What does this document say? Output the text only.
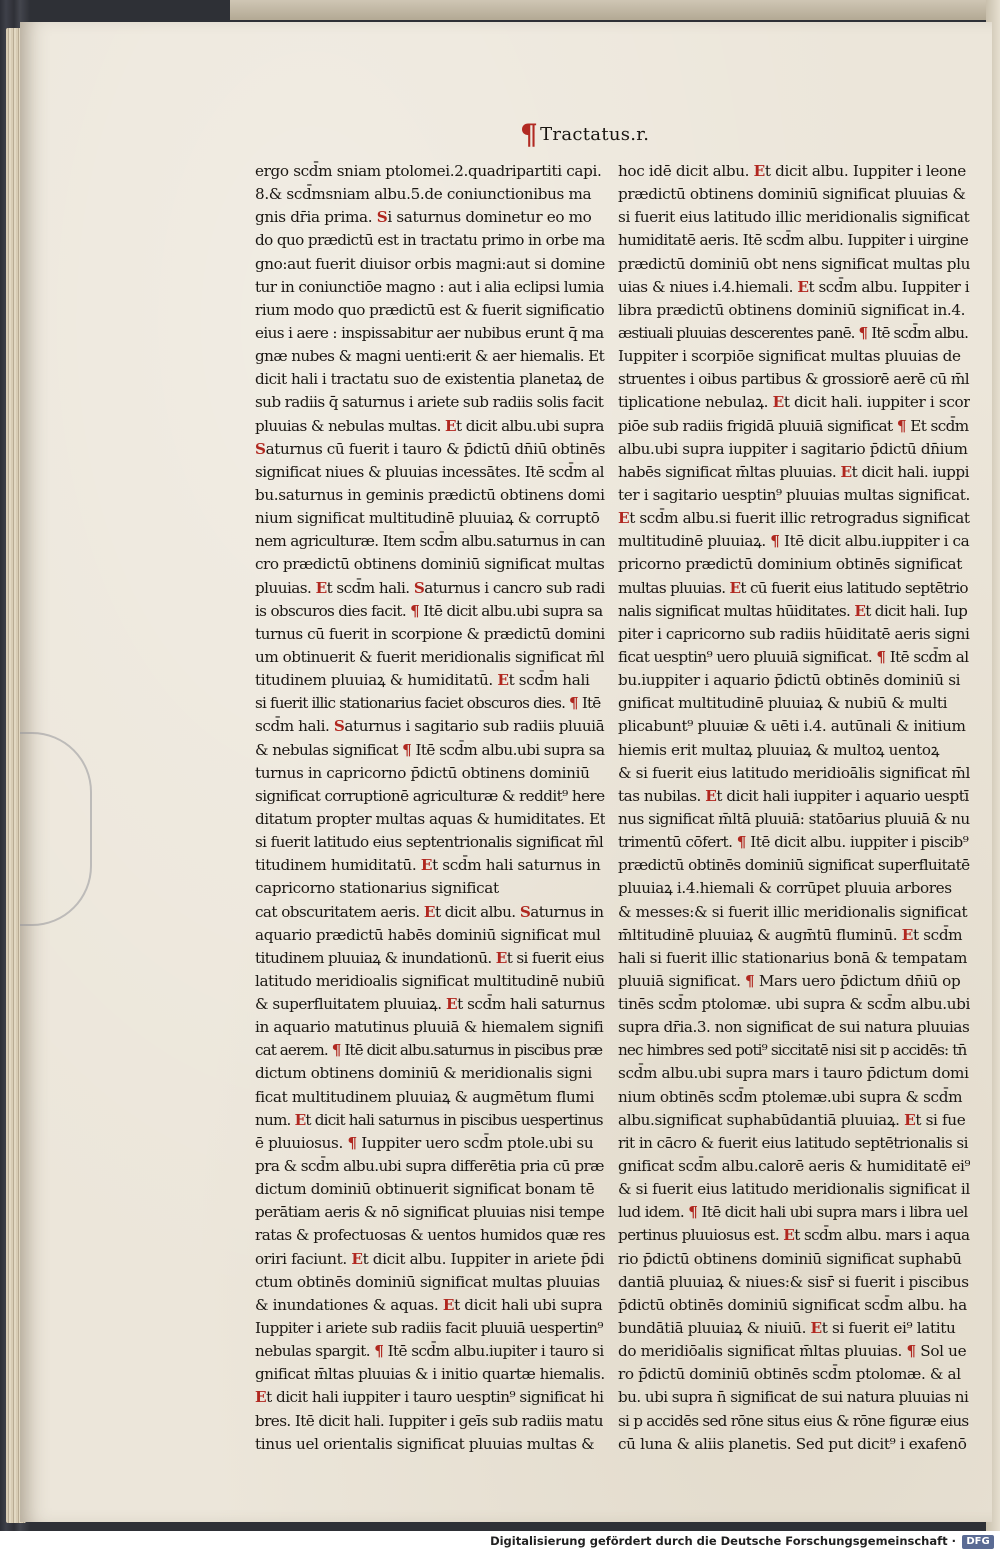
¶ Tractatus.r.
ergo scd̄m sniam ptolomei.2.quadripartiti capi.
8.& scd̄msniam albu.5.de coniunctionibus ma
gnis dr̄ia prima. Si saturnus dominetur eo mo
do quo prædictū est in tractatu primo in orbe ma
gno:aut fuerit diuisor orbis magni:aut si domine
tur in coniunctiōe magno : aut i alia eclipsi lumia
rium modo quo prædictū est & fuerit significatio
eius i aere : inspissabitur aer nubibus erunt q̄ ma
gnæ nubes & magni uenti:erit & aer hiemalis. Et
dicit hali i tractatu suo de existentia planetaꝝ de
sub radiis q̄ saturnus i ariete sub radiis solis facit
pluuias & nebulas multas. Et dicit albu.ubi supra
Saturnus cū fuerit i tauro & p̄dictū dn̄iū obtinēs
significat niues & pluuias incessātes. Itē scd̄m al
bu.saturnus in geminis prædictū obtinens domi
nium significat multitudinē pluuiaꝝ & corruptō
nem agriculturæ. Item scd̄m albu.saturnus in can
cro prædictū obtinens dominiū significat multas
pluuias. Et scd̄m hali. Saturnus i cancro sub radi
is obscuros dies facit. ¶ Itē dicit albu.ubi supra sa
turnus cū fuerit in scorpione & prædictū domini
um obtinuerit & fuerit meridionalis significat m̄l
titudinem pluuiaꝝ & humiditatū. Et scd̄m hali
si fuerit illic stationarius faciet obscuros dies. ¶ Itē
scd̄m hali. Saturnus i sagitario sub radiis pluuiā
& nebulas significat ¶ Itē scd̄m albu.ubi supra sa
turnus in capricorno p̄dictū obtinens dominiū
significat corruptionē agriculturæ & reddit⁹ here
ditatum propter multas aquas & humiditates. Et
si fuerit latitudo eius septentrionalis significat m̄l
titudinem humiditatū. Et scd̄m hali saturnus in
capricorno stationarius significat
cat obscuritatem aeris. Et dicit albu. Saturnus in
aquario prædictū habēs dominiū significat mul
titudinem pluuiaꝝ & inundationū. Et si fuerit eius
latitudo meridioalis significat multitudinē nubiū
& superfluitatem pluuiaꝝ. Et scd̄m hali saturnus
in aquario matutinus pluuiā & hiemalem signifi
cat aerem. ¶ Itē dicit albu.saturnus in piscibus præ
dictum obtinens dominiū & meridionalis signi
ficat multitudinem pluuiaꝝ & augmētum flumi
num. Et dicit hali saturnus in piscibus uespertinus
ē pluuiosus. ¶ Iuppiter uero scd̄m ptole.ubi su
pra & scd̄m albu.ubi supra differētia pria cū præ
dictum dominiū obtinuerit significat bonam tē
perātiam aeris & nō significat pluuias nisi tempe
ratas & profectuosas & uentos humidos quæ res
oriri faciunt. Et dicit albu. Iuppiter in ariete p̄di
ctum obtinēs dominiū significat multas pluuias
& inundationes & aquas. Et dicit hali ubi supra
Iuppiter i ariete sub radiis facit pluuiā uespertin⁹
nebulas spargit. ¶ Itē scd̄m albu.iupiter i tauro si
gnificat m̄ltas pluuias & i initio quartæ hiemalis.
Et dicit hali iuppiter i tauro uesptin⁹ significat hi
bres. Itē dicit hali. Iuppiter i geīs sub radiis matu
tinus uel orientalis significat pluuias multas &
hoc idē dicit albu. Et dicit albu. Iuppiter i leone
prædictū obtinens dominiū significat pluuias &
si fuerit eius latitudo illic meridionalis significat
humiditatē aeris. Itē scd̄m albu. Iuppiter i uirgine
prædictū dominiū obt nens significat multas plu
uias & niues i.4.hiemali. Et scd̄m albu. Iuppiter i
libra prædictū obtinens dominiū significat in.4.
æstiuali pluuias descerentes panē. ¶ Itē scd̄m albu.
Iuppiter i scorpiōe significat multas pluuias de
struentes i oibus partibus & grossiorē aerē cū m̄l
tiplicatione nebulaꝝ. Et dicit hali. iuppiter i scor
piōe sub radiis frigidā pluuiā significat ¶ Et scd̄m
albu.ubi supra iuppiter i sagitario p̄dictū dn̄ium
habēs significat m̄ltas pluuias. Et dicit hali. iuppi
ter i sagitario uesptin⁹ pluuias multas significat.
Et scd̄m albu.si fuerit illic retrogradus significat
multitudinē pluuiaꝝ. ¶ Itē dicit albu.iuppiter i ca
pricorno prædictū dominium obtinēs significat
multas pluuias. Et cū fuerit eius latitudo septētrio
nalis significat multas hūiditates. Et dicit hali. Iup
piter i capricorno sub radiis hūiditatē aeris signi
ficat uesptin⁹ uero pluuiā significat. ¶ Itē scd̄m al
bu.iuppiter i aquario p̄dictū obtinēs dominiū si
gnificat multitudinē pluuiaꝝ & nubiū & multi
plicabunt⁹ pluuiæ & uēti i.4. autūnali & initium
hiemis erit multaꝝ pluuiaꝝ & multoꝝ uentoꝝ
& si fuerit eius latitudo meridioālis significat m̄l
tas nubilas. Et dicit hali iuppiter i aquario uesptī
nus significat m̄ltā pluuiā: statōarius pluuiā & nu
trimentū cōfert. ¶ Itē dicit albu. iuppiter i piscib⁹
prædictū obtinēs dominiū significat superfluitatē
pluuiaꝝ i.4.hiemali & corrūpet pluuia arbores
& messes:& si fuerit illic meridionalis significat
m̄ltitudinē pluuiaꝝ & augm̄tū fluminū. Et scd̄m
hali si fuerit illic stationarius bonā & tempatam
pluuiā significat. ¶ Mars uero p̄dictum dn̄iū op
tinēs scd̄m ptolomæ. ubi supra & scd̄m albu.ubi
supra dr̄ia.3. non significat de sui natura pluuias
nec himbres sed poti⁹ siccitatē nisi sit p accidēs: tn̄
scd̄m albu.ubi supra mars i tauro p̄dictum domi
nium obtinēs scd̄m ptolemæ.ubi supra & scd̄m
albu.significat suphabūdantiā pluuiaꝝ. Et si fue
rit in cācro & fuerit eius latitudo septētrionalis si
gnificat scd̄m albu.calorē aeris & humiditatē ei⁹
& si fuerit eius latitudo meridionalis significat il
lud idem. ¶ Itē dicit hali ubi supra mars i libra uel
pertinus pluuiosus est. Et scd̄m albu. mars i aqua
rio p̄dictū obtinens dominiū significat suphabū
dantiā pluuiaꝝ & niues:& sisr̄ si fuerit i piscibus
p̄dictū obtinēs dominiū significat scd̄m albu. ha
bundātiā pluuiaꝝ & niuiū. Et si fuerit ei⁹ latitu
do meridiōalis significat m̄ltas pluuias. ¶ Sol ue
ro p̄dictū dominiū obtinēs scd̄m ptolomæ. & al
bu. ubi supra n̄ significat de sui natura pluuias ni
si p accidēs sed rōne situs eius & rōne figuræ eius
cū luna & aliis planetis. Sed put dicit⁹ i exafenō
Digitalisierung gefördert durch die Deutsche Forschungsgemeinschaft ·	DFG
